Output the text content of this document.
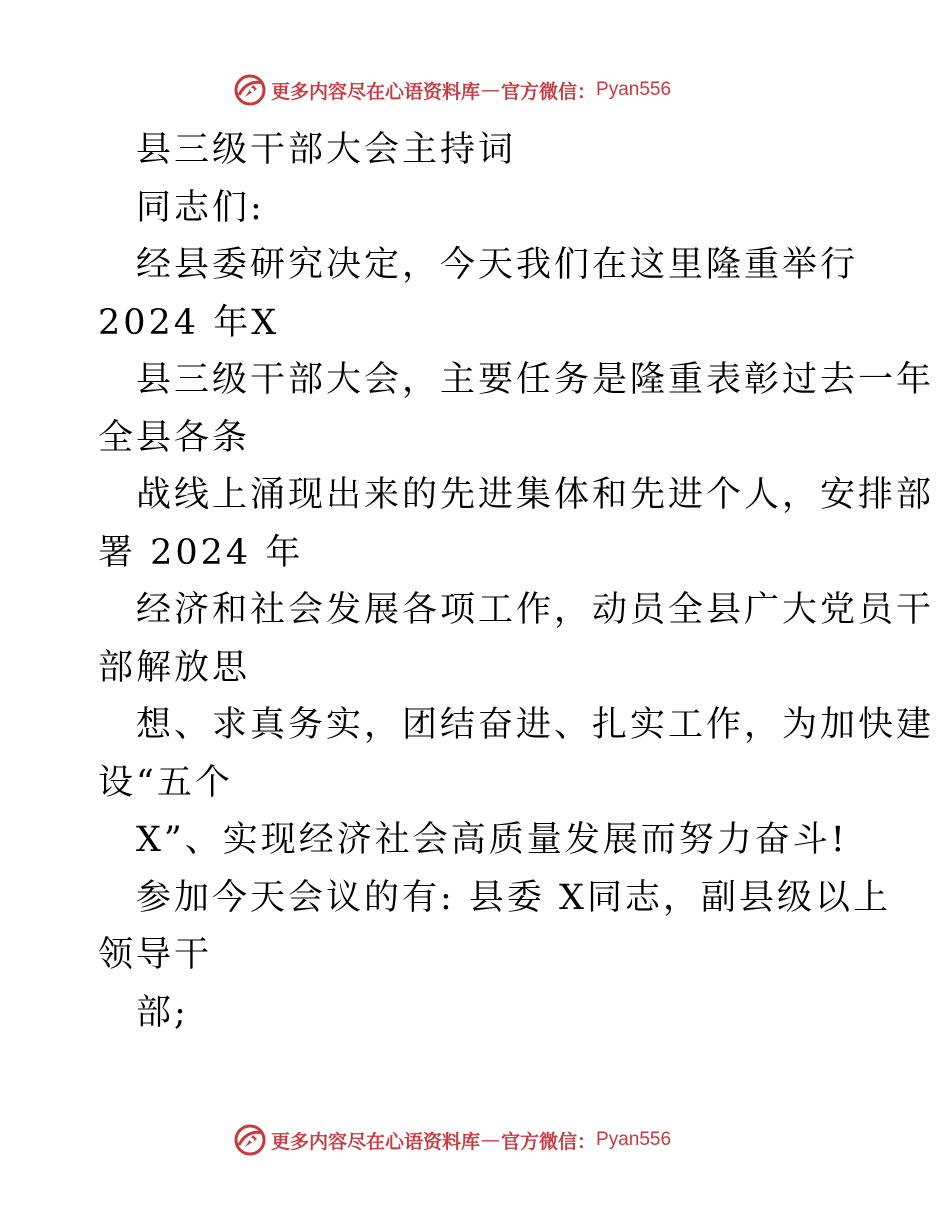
更多内容尽在心语资料库 — 官方微信： Pyan556
县三级干部大会主持词
同志们:
经县委研究决定，今天我们在这里隆重举行
2024 年X
县三级干部大会，主要任务是隆重表彰过去一年
全县各条
战线上涌现出来的先进集体和先进个人，安排部
署 2024 年
经济和社会发展各项工作，动员全县广大党员干
部解放思
想、求真务实，团结奋进、扎实工作，为加快建
设“五个
X”、实现经济社会高质量发展而努力奋斗!
参加今天会议的有: 县委 X同志，副县级以上
领导干
部;
更多内容尽在心语资料库 — 官方微信： Pyan556
